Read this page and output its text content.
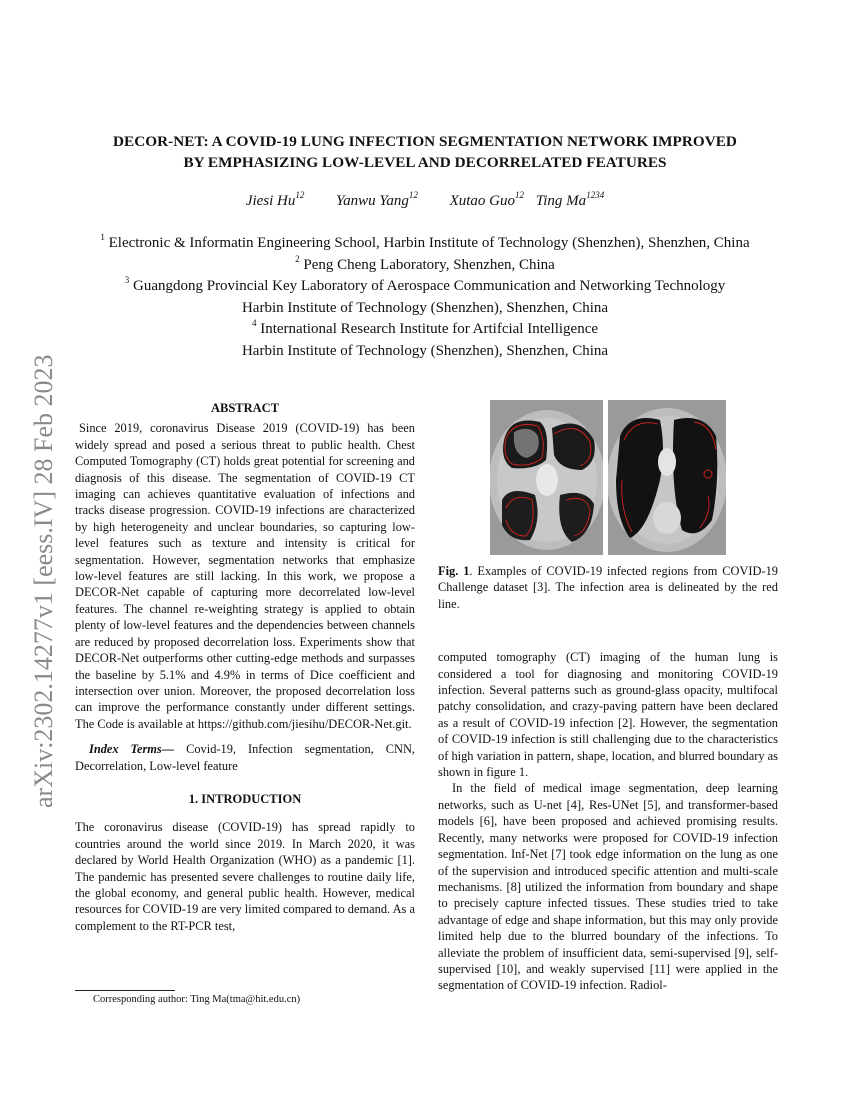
arXiv:2302.14277v1 [eess.IV] 28 Feb 2023
DECOR-NET: A COVID-19 LUNG INFECTION SEGMENTATION NETWORK IMPROVED
BY EMPHASIZING LOW-LEVEL AND DECORRELATED FEATURES
Jiesi Hu$^{12}$ Yanwu Yang$^{12}$ Xutao Guo$^{12}$ Ting $Ma^{1234}$
$^1$ Electronic & Informatin Engineering School, Harbin Institute of Technology (Shenzhen), Shenzhen, China
$^2$ Peng Cheng Laboratory, Shenzhen, China
$^3$ Guangdong Provincial Key Laboratory of Aerospace Communication and Networking Technology
Harbin Institute of Technology (Shenzhen), Shenzhen, China
$^4$ International Research Institute for Artifcial Intelligence
Harbin Institute of Technology (Shenzhen), Shenzhen, China
ABSTRACT

Since 2019, coronavirus Disease 2019 (COVID-19) has been widely spread and posed a serious threat to public health. Chest Computed Tomography (CT) holds great potential for screening and diagnosis of this disease. The segmentation of COVID-19 CT imaging can achieves quantitative evaluation of infections and tracks disease progression. COVID-19 infections are characterized by high heterogeneity and unclear boundaries, so capturing low-level features such as texture and intensity is critical for segmentation. However, segmentation networks that emphasize low-level features are still lacking. In this work, we propose a DECOR-Net capable of capturing more decorrelated low-level features. The channel re-weighting strategy is applied to obtain plenty of low-level features and the dependencies between channels are reduced by proposed decorrelation loss. Experiments show that DECOR-Net outperforms other cutting-edge methods and surpasses the baseline by 5.1% and 4.9% in terms of Dice coefficient and intersection over union. Moreover, the proposed decorrelation loss can improve the performance constantly under different settings. The Code is available at https://github.com/jiesihu/DECOR-Net.git.

Index Terms— Covid-19, Infection segmentation, CNN, Decorrelation, Low-level feature

1. INTRODUCTION

The coronavirus disease (COVID-19) has spread rapidly to countries around the world since 2019. In March 2020, it was declared by World Health Organization (WHO) as a pandemic [1]. The pandemic has presented severe challenges to routine daily life, the global economy, and general public health. However, medical resources for COVID-19 are very limited compared to demand. As a complement to the RT-PCR test,

Fig. 1. Examples of COVID-19 infected regions from COVID-19 Challenge dataset [3]. The infection area is delineated by the red line.

computed tomography (CT) imaging of the human lung is considered a tool for diagnosing and monitoring COVID-19 infection. Several patterns such as ground-glass opacity, multifocal patchy consolidation, and crazy-paving pattern have been declared as a result of COVID-19 infection [2]. However, the segmentation of COVID-19 infection is still challenging due to the characteristics of high variation in pattern, shape, location, and blurred boundary as shown in figure 1.

In the field of medical image segmentation, deep learning networks, such as U-net [4], Res-UNet [5], and transformer-based models [6], have been proposed and achieved promising results. Recently, many networks were proposed for COVID-19 infection segmentation. Inf-Net [7] took edge information on the lung as one of the supervision and introduced specific attention and multi-scale mechanisms. [8] utilized the information from boundary and shape to precisely capture infected tissues. These studies tried to take advantage of edge and shape information, but this may only provide limited help due to the blurred boundary of the infections. To alleviate the problem of insufficient data, semi-supervised [9], self-supervised [10], and weakly supervised [11] were applied in the segmentation of COVID-19 infection. Radiol-

Corresponding author: Ting Ma(tma@hit.edu.cn)
